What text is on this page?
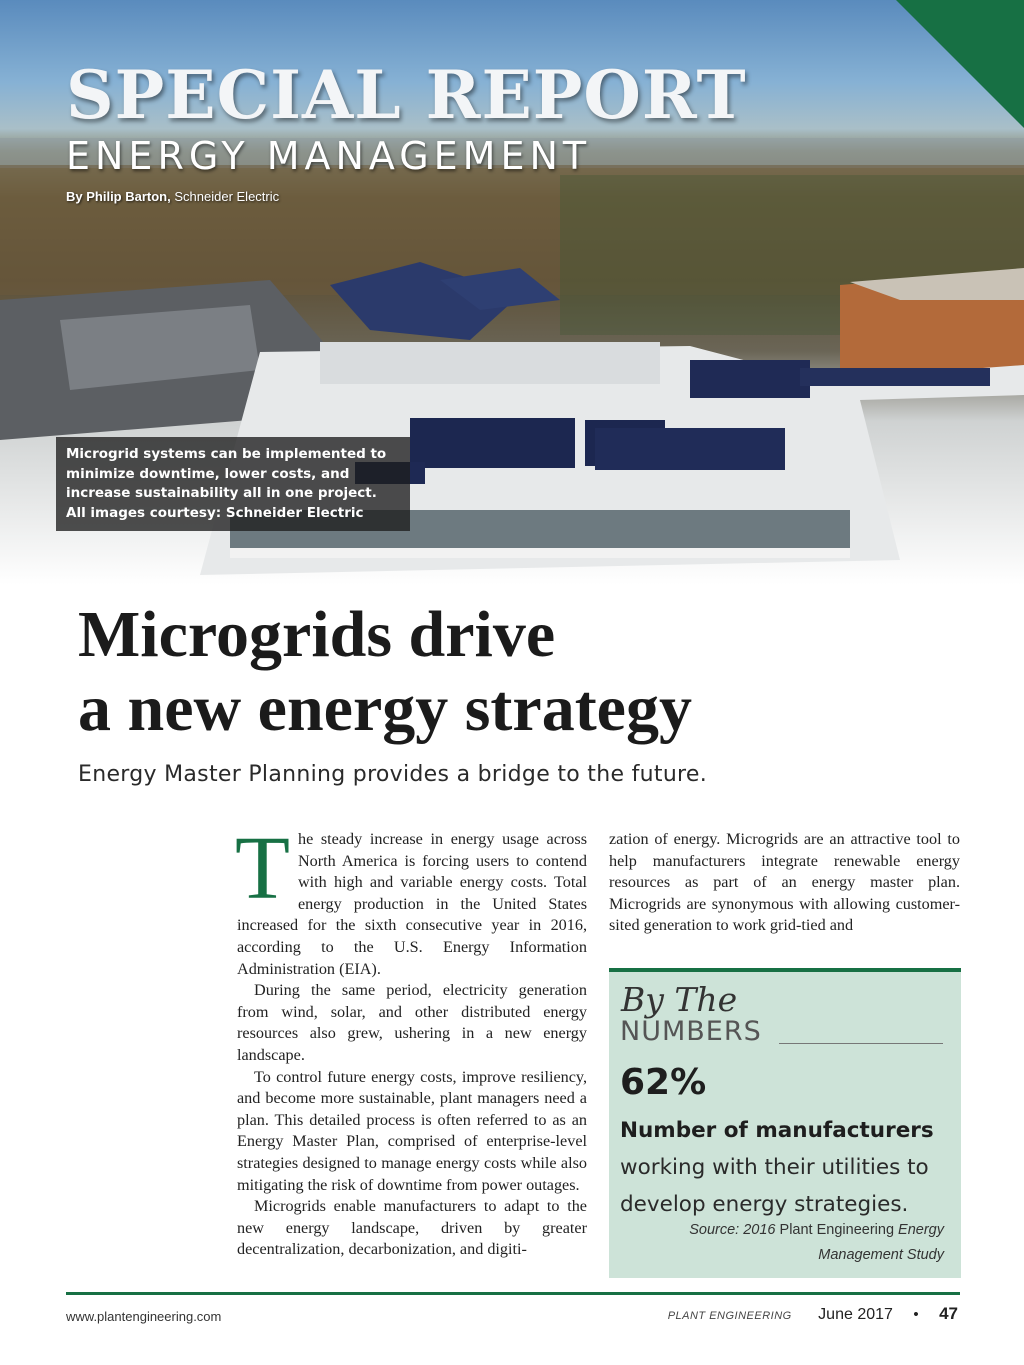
SPECIAL REPORT
ENERGY MANAGEMENT
By Philip Barton, Schneider Electric
Microgrid systems can be implemented to minimize downtime, lower costs, and increase sustainability all in one project. All images courtesy: Schneider Electric
Microgrids drive
a new energy strategy

Energy Master Planning provides a bridge to the future.

The steady increase in energy usage across North America is forcing users to contend with high and variable energy costs. Total energy production in the United States increased for the sixth consecutive year in 2016, according to the U.S. Energy Information Administration (EIA).

During the same period, electricity generation from wind, solar, and other distributed energy resources also grew, ushering in a new energy landscape.

To control future energy costs, improve resiliency, and become more sustainable, plant managers need a plan. This detailed process is often referred to as an Energy Master Plan, comprised of enterprise-level strategies designed to manage energy costs while also mitigating the risk of downtime from power outages.

Microgrids enable manufacturers to adapt to the new energy landscape, driven by greater decentralization, decarbonization, and digiti-

zation of energy. Microgrids are an attractive tool to help manufacturers integrate renewable energy resources as part of an energy master plan. Microgrids are synonymous with allowing customer-sited generation to work grid-tied and

By The
NUMBERS
62%
Number of manufacturers
working with their utilities to develop energy strategies.
Source: 2016 Plant Engineering Energy Management Study
www.plantengineering.com	PLANT ENGINEERING June 2017 • 47
